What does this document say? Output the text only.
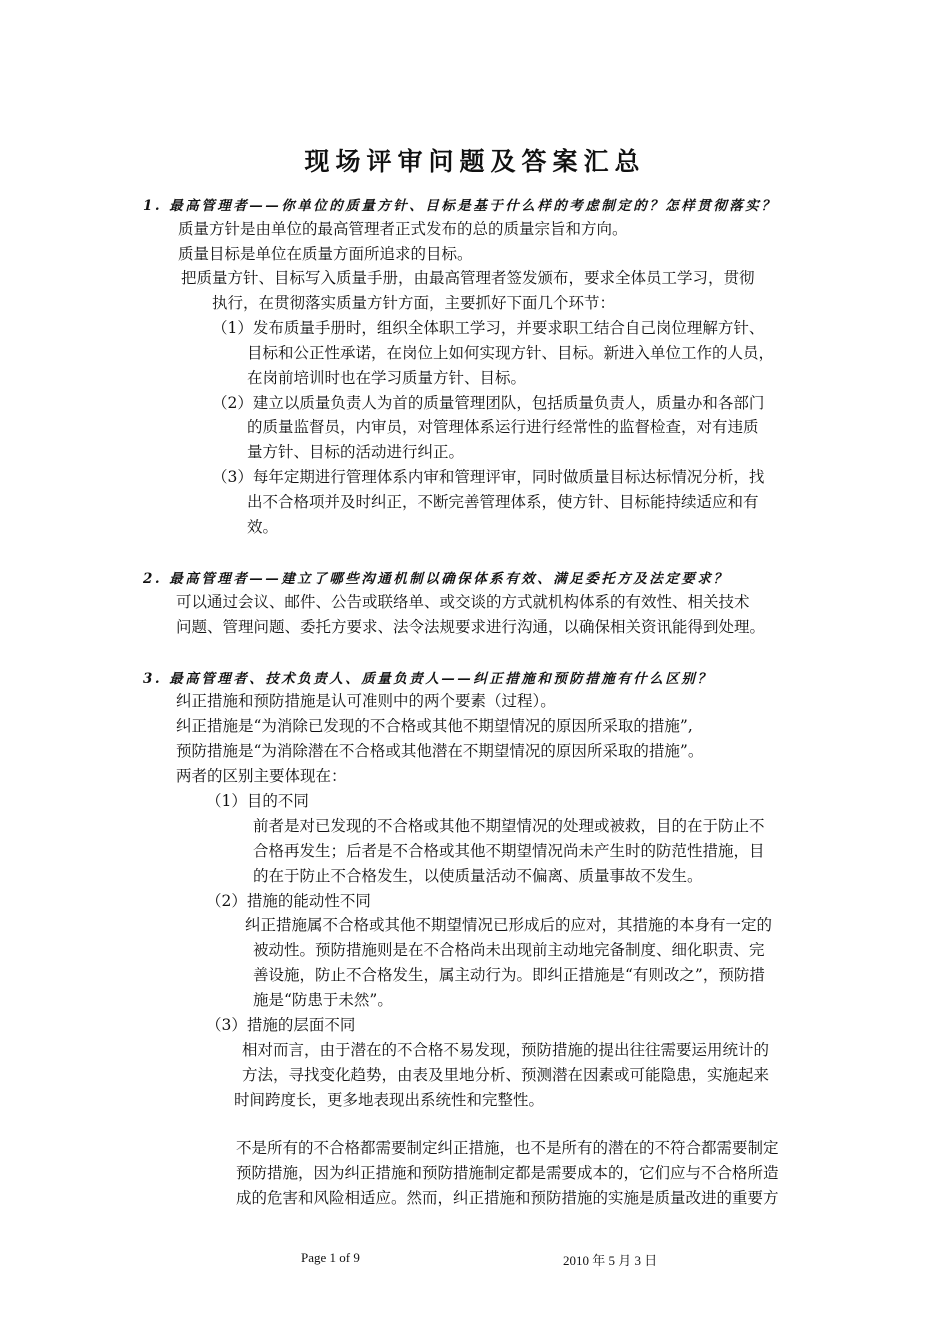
现场评审问题及答案汇总
1. 最高管理者——你单位的质量方针、目标是基于什么样的考虑制定的？怎样贯彻落实？
质量方针是由单位的最高管理者正式发布的总的质量宗旨和方向。
质量目标是单位在质量方面所追求的目标。
把质量方针、目标写入质量手册，由最高管理者签发颁布，要求全体员工学习，贯彻
执行，在贯彻落实质量方针方面，主要抓好下面几个环节：
（1）发布质量手册时，组织全体职工学习，并要求职工结合自己岗位理解方针、
目标和公正性承诺，在岗位上如何实现方针、目标。新进入单位工作的人员，
在岗前培训时也在学习质量方针、目标。
（2）建立以质量负责人为首的质量管理团队，包括质量负责人，质量办和各部门
的质量监督员，内审员，对管理体系运行进行经常性的监督检查，对有违质
量方针、目标的活动进行纠正。
（3）每年定期进行管理体系内审和管理评审，同时做质量目标达标情况分析，找
出不合格项并及时纠正，不断完善管理体系，使方针、目标能持续适应和有
效。
2. 最高管理者——建立了哪些沟通机制以确保体系有效、满足委托方及法定要求？
可以通过会议、邮件、公告或联络单、或交谈的方式就机构体系的有效性、相关技术
问题、管理问题、委托方要求、法令法规要求进行沟通，以确保相关资讯能得到处理。
3. 最高管理者、技术负责人、质量负责人——纠正措施和预防措施有什么区别？
纠正措施和预防措施是认可准则中的两个要素（过程）。
纠正措施是“为消除已发现的不合格或其他不期望情况的原因所采取的措施”,
预防措施是“为消除潜在不合格或其他潜在不期望情况的原因所采取的措施”。
两者的区别主要体现在：
（1）目的不同
前者是对已发现的不合格或其他不期望情况的处理或被救，目的在于防止不
合格再发生；后者是不合格或其他不期望情况尚未产生时的防范性措施，目
的在于防止不合格发生，以使质量活动不偏离、质量事故不发生。
（2）措施的能动性不同
纠正措施属不合格或其他不期望情况已形成后的应对，其措施的本身有一定的
被动性。预防措施则是在不合格尚未出现前主动地完备制度、细化职责、完
善设施，防止不合格发生，属主动行为。即纠正措施是“有则改之”，预防措
施是“防患于未然”。
（3）措施的层面不同
相对而言，由于潜在的不合格不易发现，预防措施的提出往往需要运用统计的
方法，寻找变化趋势，由表及里地分析、预测潜在因素或可能隐患，实施起来
时间跨度长，更多地表现出系统性和完整性。
不是所有的不合格都需要制定纠正措施，也不是所有的潜在的不符合都需要制定
预防措施，因为纠正措施和预防措施制定都是需要成本的，它们应与不合格所造
成的危害和风险相适应。然而，纠正措施和预防措施的实施是质量改进的重要方
Page 1 of 9	2010 年 5 月 3 日
